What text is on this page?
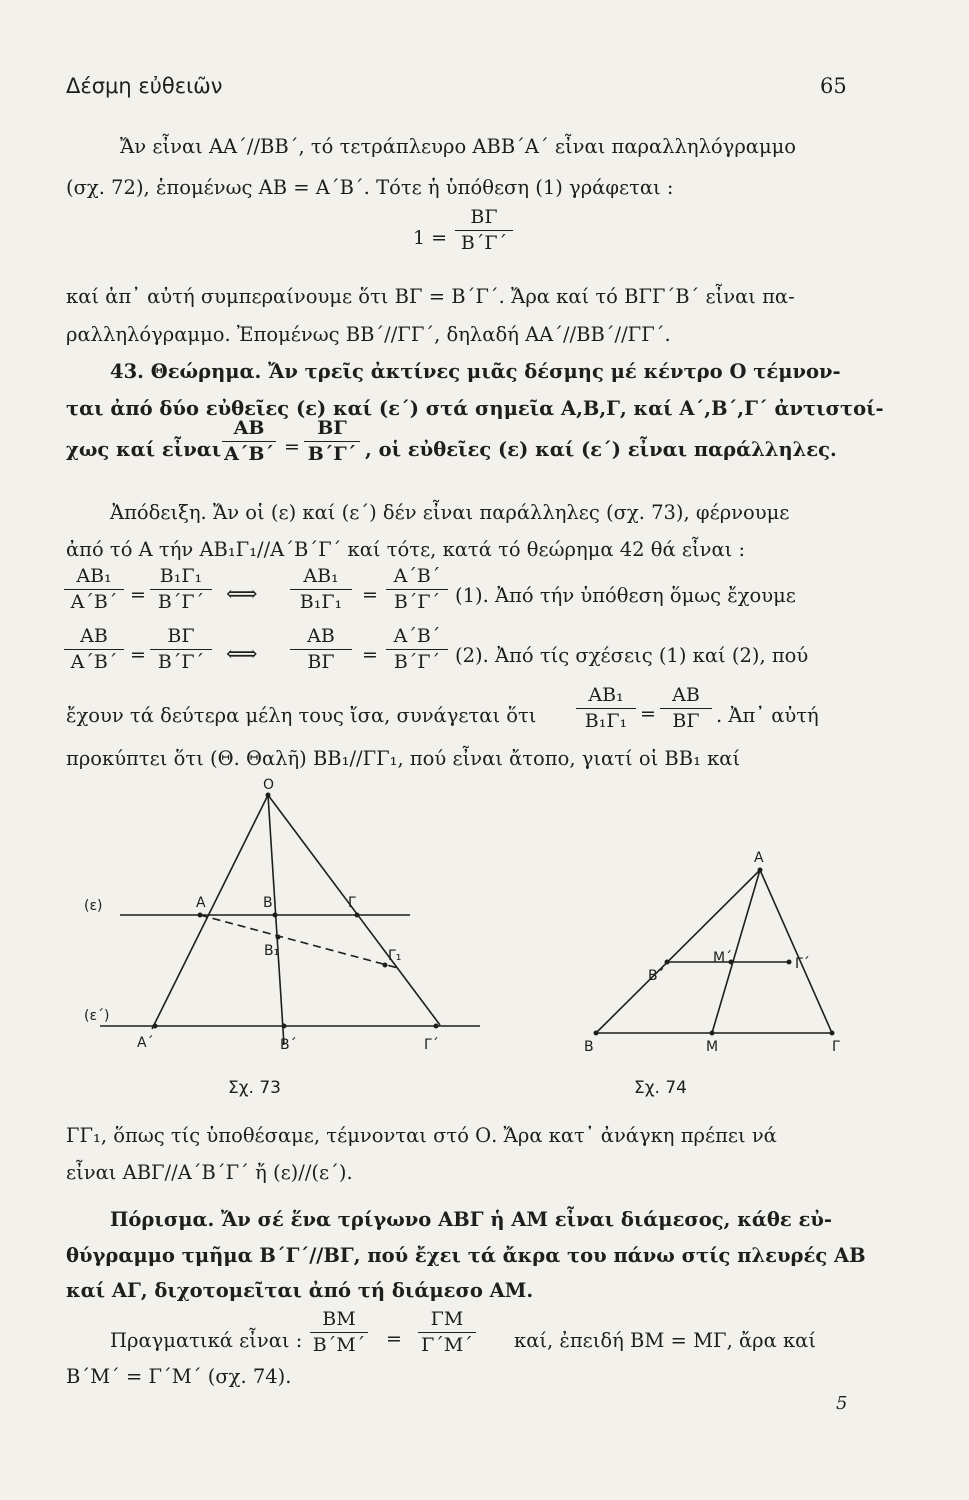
Δέσμη εὐθειῶν	65
Ἄν εἶναι ΑΑ΄//ΒΒ΄, τό τετράπλευρο ΑΒΒ΄Α΄ εἶναι παραλληλόγραμμο
(σχ. 72), ἑπομένως ΑΒ = Α΄Β΄. Τότε ἡ ὑπόθεση (1) γράφεται :
$1 = \frac{B\Gamma}{B΄\Gamma΄}$
καί ἀπ᾿ αὐτή συμπεραίνουμε ὅτι ΒΓ = Β΄Γ΄. Ἄρα καί τό ΒΓΓ΄Β΄ εἶναι πα-
ραλληλόγραμμο. Ἐπομένως ΒΒ΄//ΓΓ΄, δηλαδή ΑΑ΄//ΒΒ΄//ΓΓ΄.
43. Θεώρημα. Ἄν τρεῖς ἀκτίνες μιᾶς δέσμης μέ κέντρο Ο τέμνον-
ται ἀπό δύο εὐθεῖες (ε) καί (ε΄) στά σημεῖα Α,Β,Γ, καί Α΄,Β΄,Γ΄ ἀντιστοί-
χως καί εἶναι $\frac{AB}{A΄B΄} = \frac{B\Gamma}{B΄\Gamma΄}$ , οἱ εὐθεῖες (ε) καί (ε΄) εἶναι παράλληλες.
Ἀπόδειξη. Ἄν οἱ (ε) καί (ε΄) δέν εἶναι παράλληλες (σχ. 73), φέρνουμε
ἀπό τό Α τήν ΑΒ₁Γ₁//Α΄Β΄Γ΄ καί τότε, κατά τό θεώρημα 42 θά εἶναι :
$\frac{\text{ΑΒ₁}}{A΄B΄} = \frac{\text{Β₁Γ₁}}{B΄\Gamma΄}$ ⟺ $\frac{\text{ΑΒ₁}}{\text{Β₁Γ₁}} = \frac{A΄B΄}{B΄\Gamma΄} (1)$. Ἀπό τήν ὑπόθεση ὅμως ἔχουμε
$\frac{AB}{A΄B΄} = \frac{B\Gamma}{B΄\Gamma΄}$ ⟺ $\frac{AB}{B\Gamma} = \frac{A΄B΄}{B΄\Gamma΄} (2)$. Ἀπό τίς σχέσεις (1) καί (2), πού
ἔχουν τά δεύτερα μέλη τους ἴσα, συνάγεται ὅτι $\frac{\text{ΑΒ₁}}{\text{Β₁Γ₁}} = \frac{AB}{B\Gamma}$ . Ἀπ᾿ αὐτή
προκύπτει ὅτι (Θ. Θαλῆ) ΒΒ₁//ΓΓ₁, πού εἶναι ἄτοπο, γιατί οἱ ΒΒ₁ καί
Ο
(ε)
(ε΄)
Α	Β	Γ
Β₁	Γ₁
Α΄	Β΄	Γ΄
Σχ. 73
Α
Β΄
Μ΄	Γ΄
Β	Μ	Γ
Σχ. 74
ΓΓ₁, ὅπως τίς ὑποθέσαμε, τέμνονται στό Ο. Ἄρα κατ᾿ ἀνάγκη πρέπει νά
εἶναι ΑΒΓ//Α΄Β΄Γ΄ ἤ (ε)//(ε΄).
Πόρισμα. Ἄν σέ ἕνα τρίγωνο ΑΒΓ ἡ ΑΜ εἶναι διάμεσος, κάθε εὐ-
θύγραμμο τμῆμα Β΄Γ΄//ΒΓ, πού ἔχει τά ἄκρα του πάνω στίς πλευρές ΑΒ
καί ΑΓ, διχοτομεῖται ἀπό τή διάμεσο ΑΜ.
Πραγματικά εἶναι : $\frac{BM}{B΄M΄} = \frac{\Gamma M}{\Gamma΄M΄} \kappa\alpha ί$, ἐπειδή ΒΜ = ΜΓ, ἄρα καί
Β΄Μ΄ = Γ΄Μ΄ (σχ. 74).
5
